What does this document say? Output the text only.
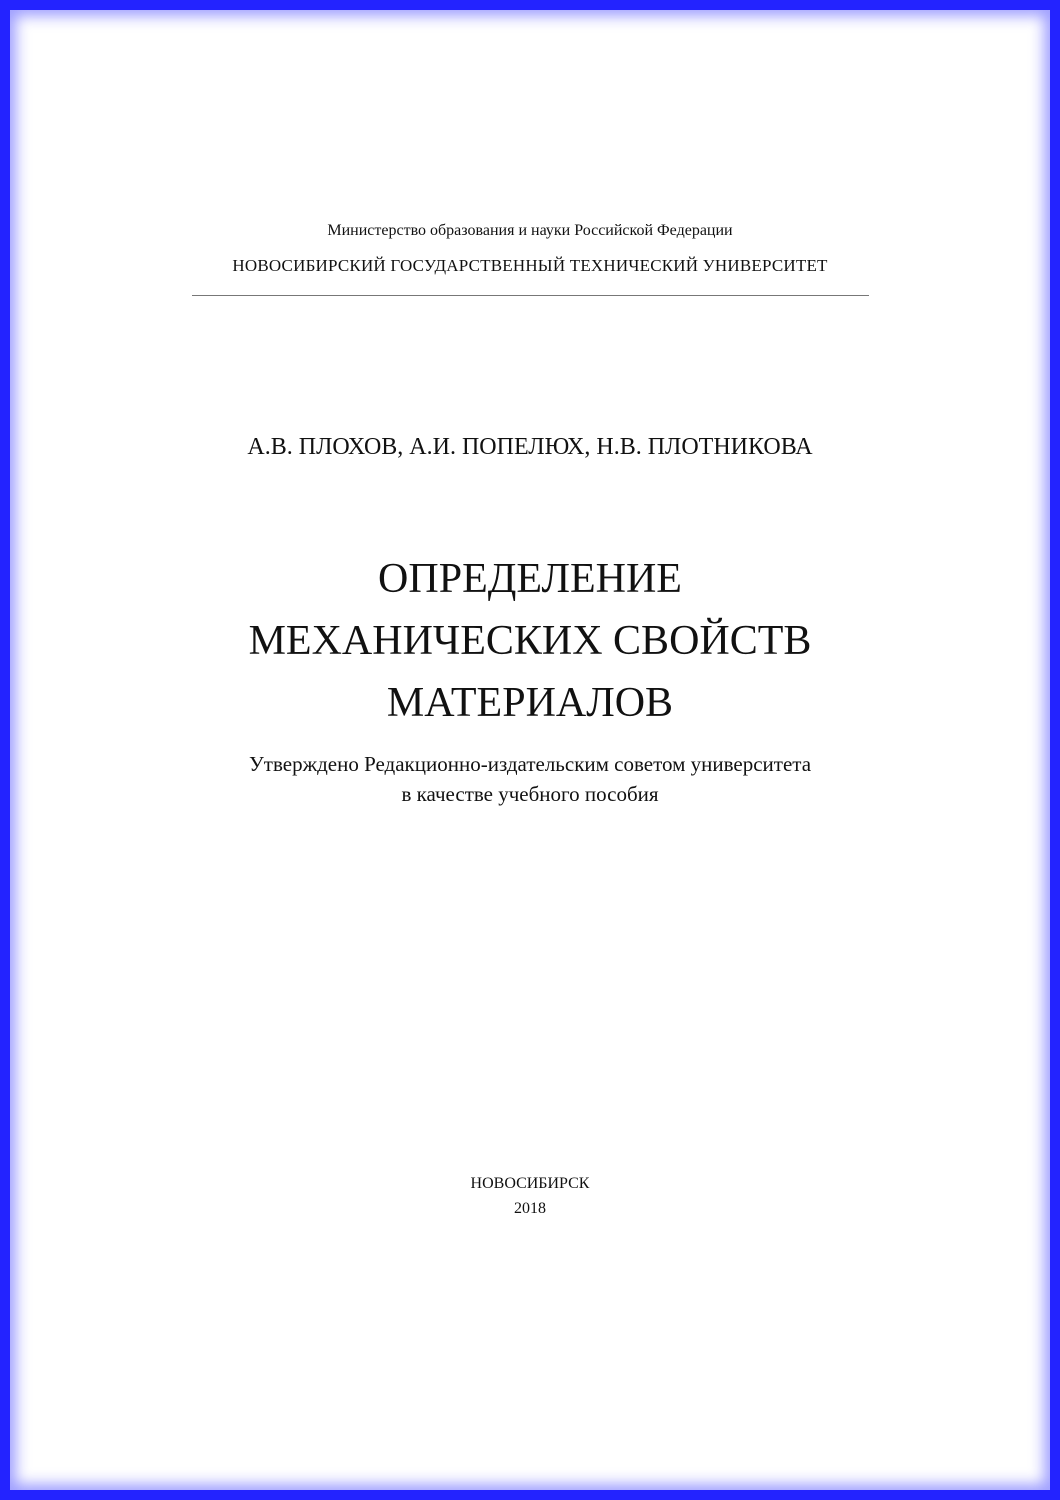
Министерство образования и науки Российской Федерации
НОВОСИБИРСКИЙ ГОСУДАРСТВЕННЫЙ ТЕХНИЧЕСКИЙ УНИВЕРСИТЕТ
А.В. ПЛОХОВ, А.И. ПОПЕЛЮХ, Н.В. ПЛОТНИКОВА
ОПРЕДЕЛЕНИЕ
МЕХАНИЧЕСКИХ СВОЙСТВ
МАТЕРИАЛОВ
Утверждено Редакционно-издательским советом университета
в качестве учебного пособия
НОВОСИБИРСК
2018
